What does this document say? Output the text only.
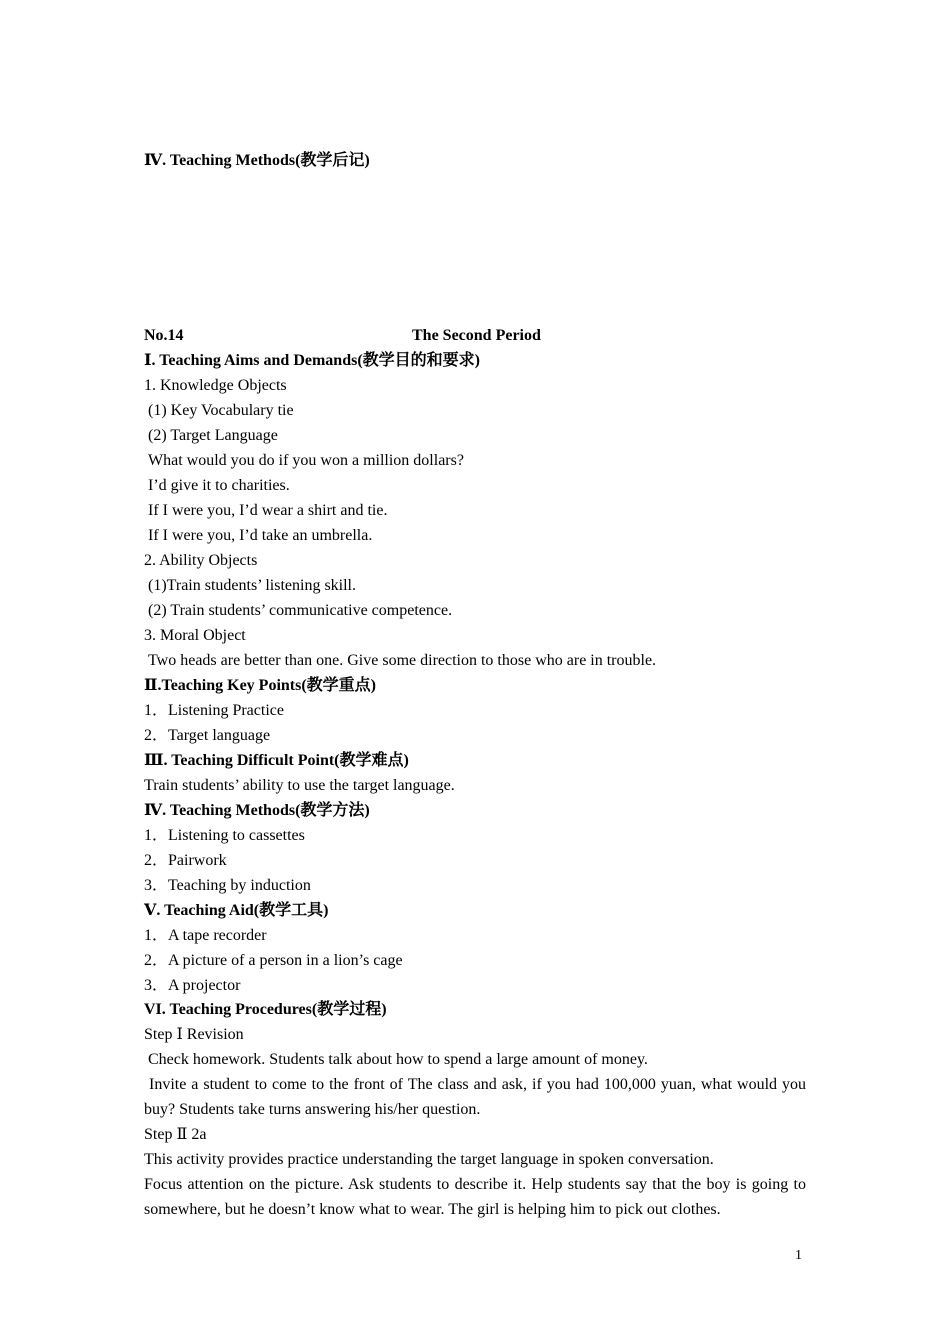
Ⅳ. Teaching Methods(教学后记)
No.14	The Second Period
Ⅰ. Teaching Aims and Demands(教学目的和要求)
1. Knowledge Objects
(1) Key Vocabulary tie
(2) Target Language
What would you do if you won a million dollars?
I’d give it to charities.
If I were you, I’d wear a shirt and tie.
If I were you, I’d take an umbrella.
2. Ability Objects
(1)Train students’ listening skill.
(2) Train students’ communicative competence.
3. Moral Object
Two heads are better than one. Give some direction to those who are in trouble.
Ⅱ.Teaching Key Points(教学重点)
1．Listening Practice
2．Target language
Ⅲ. Teaching Difficult Point(教学难点)
Train students’ ability to use the target language.
Ⅳ. Teaching Methods(教学方法)
1．Listening to cassettes
2．Pairwork
3．Teaching by induction
Ⅴ. Teaching Aid(教学工具)
1．A tape recorder
2．A picture of a person in a lion’s cage
3．A projector
VI. Teaching Procedures(教学过程)
Step Ⅰ Revision
Check homework. Students talk about how to spend a large amount of money.
Invite a student to come to the front of The class and ask, if you had 100,000 yuan, what would you buy? Students take turns answering his/her question.
Step Ⅱ 2a
This activity provides practice understanding the target language in spoken conversation.
Focus attention on the picture. Ask students to describe it. Help students say that the boy is going to somewhere, but he doesn’t know what to wear. The girl is helping him to pick out clothes.
1
